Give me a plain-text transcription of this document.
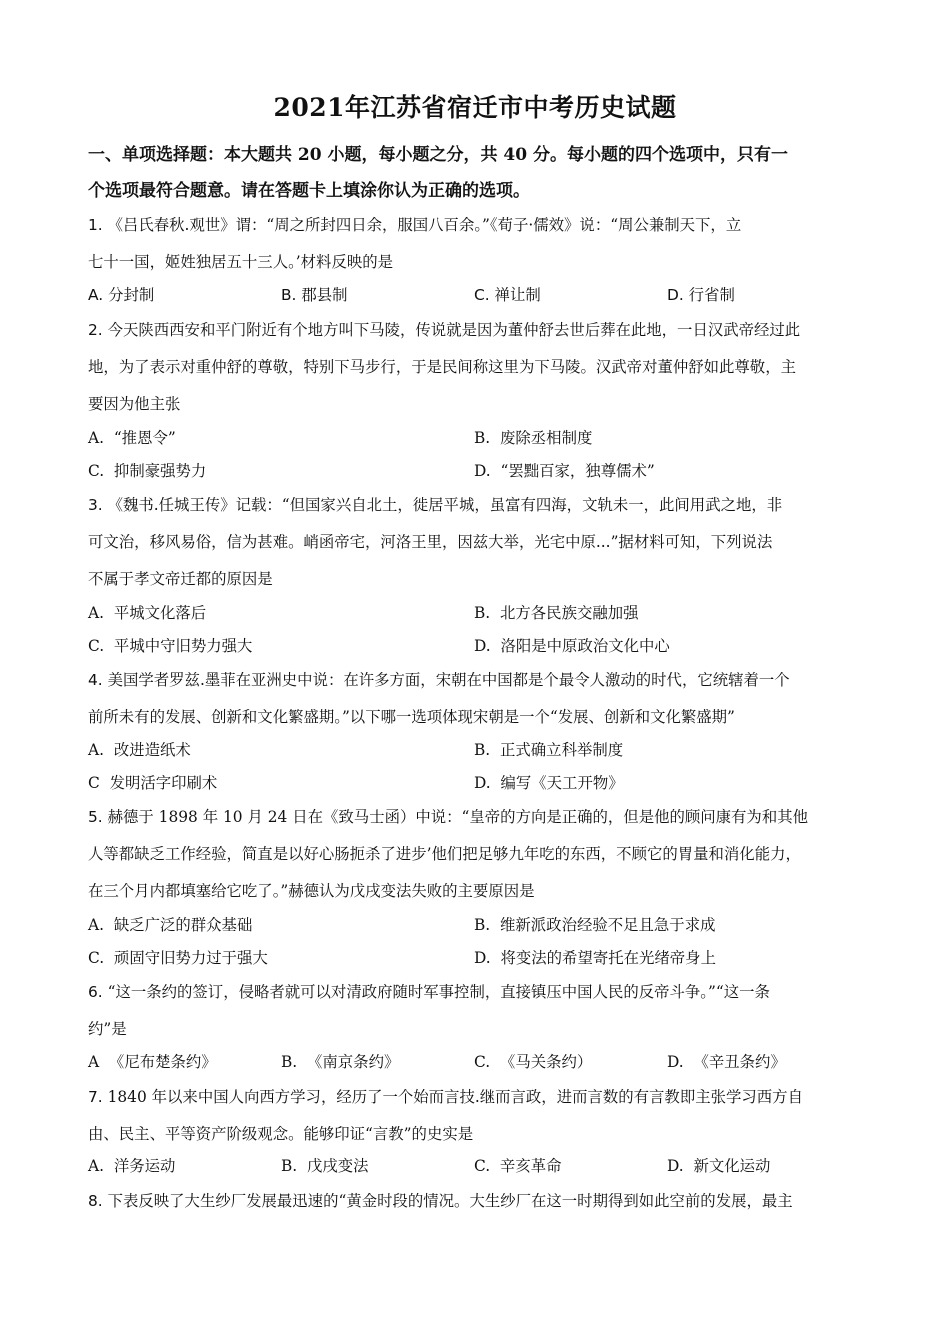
2021年江苏省宿迁市中考历史试题
一、单项选择题：本大题共 20 小题，每小题之分，共 40 分。每小题的四个选项中，只有一
个选项最符合题意。请在答题卡上填涂你认为正确的选项。
1. 《吕氏春秋.观世》谓：“周之所封四日余，服国八百余。”《荀子·儒效》说：“周公兼制天下，立
七十一国，姬姓独居五十三人。’材料反映的是
A. 分封制	B. 郡县制	C. 禅让制	D. 行省制
2. 今天陕西西安和平门附近有个地方叫下马陵，传说就是因为董仲舒去世后葬在此地，一日汉武帝经过此
地，为了表示对重仲舒的尊敬，特别下马步行，于是民间称这里为下马陵。汉武帝对董仲舒如此尊敬，主
要因为他主张
A. “推恩令”	B. 废除丞相制度
C. 抑制豪强势力	D. “罢黜百家，独尊儒术”
3. 《魏书.任城王传》记载：“但国家兴自北土，徙居平城，虽富有四海，文轨未一，此间用武之地，非
可文治，移风易俗，信为甚难。峭函帝宅，河洛王里，因兹大举，光宅中原...”据材料可知，下列说法
不属于孝文帝迁都的原因是
A. 平城文化落后	B. 北方各民族交融加强
C. 平城中守旧势力强大	D. 洛阳是中原政治文化中心
4. 美国学者罗兹.墨菲在亚洲史中说：在许多方面，宋朝在中国都是个最令人激动的时代，它统辖着一个
前所未有的发展、创新和文化繁盛期。”以下哪一选项体现宋朝是一个“发展、创新和文化繁盛期”
A. 改进造纸术	B. 正式确立科举制度
C 发明活字印刷术	D. 编写《天工开物》
5. 赫德于 1898 年 10 月 24 日在《致马士函）中说：“皇帝的方向是正确的，但是他的顾问康有为和其他
人等都缺乏工作经验，简直是以好心肠扼杀了进步’他们把足够九年吃的东西，不顾它的胃量和消化能力，
在三个月内都填塞给它吃了。”赫德认为戊戌变法失败的主要原因是
A. 缺乏广泛的群众基础	B. 维新派政治经验不足且急于求成
C. 顽固守旧势力过于强大	D. 将变法的希望寄托在光绪帝身上
6. “这一条约的签订，侵略者就可以对清政府随时军事控制，直接镇压中国人民的反帝斗争。”“这一条
约”是
A 《尼布楚条约》	B. 《南京条约》	C. 《马关条约）	D. 《辛丑条约》
7. 1840 年以来中国人向西方学习，经历了一个始而言技.继而言政，进而言数的有言教即主张学习西方自
由、民主、平等资产阶级观念。能够印证“言教”的史实是
A. 洋务运动	B. 戊戌变法	C. 辛亥革命	D. 新文化运动
8. 下表反映了大生纱厂发展最迅速的“黄金时段的情况。大生纱厂在这一时期得到如此空前的发展，最主
